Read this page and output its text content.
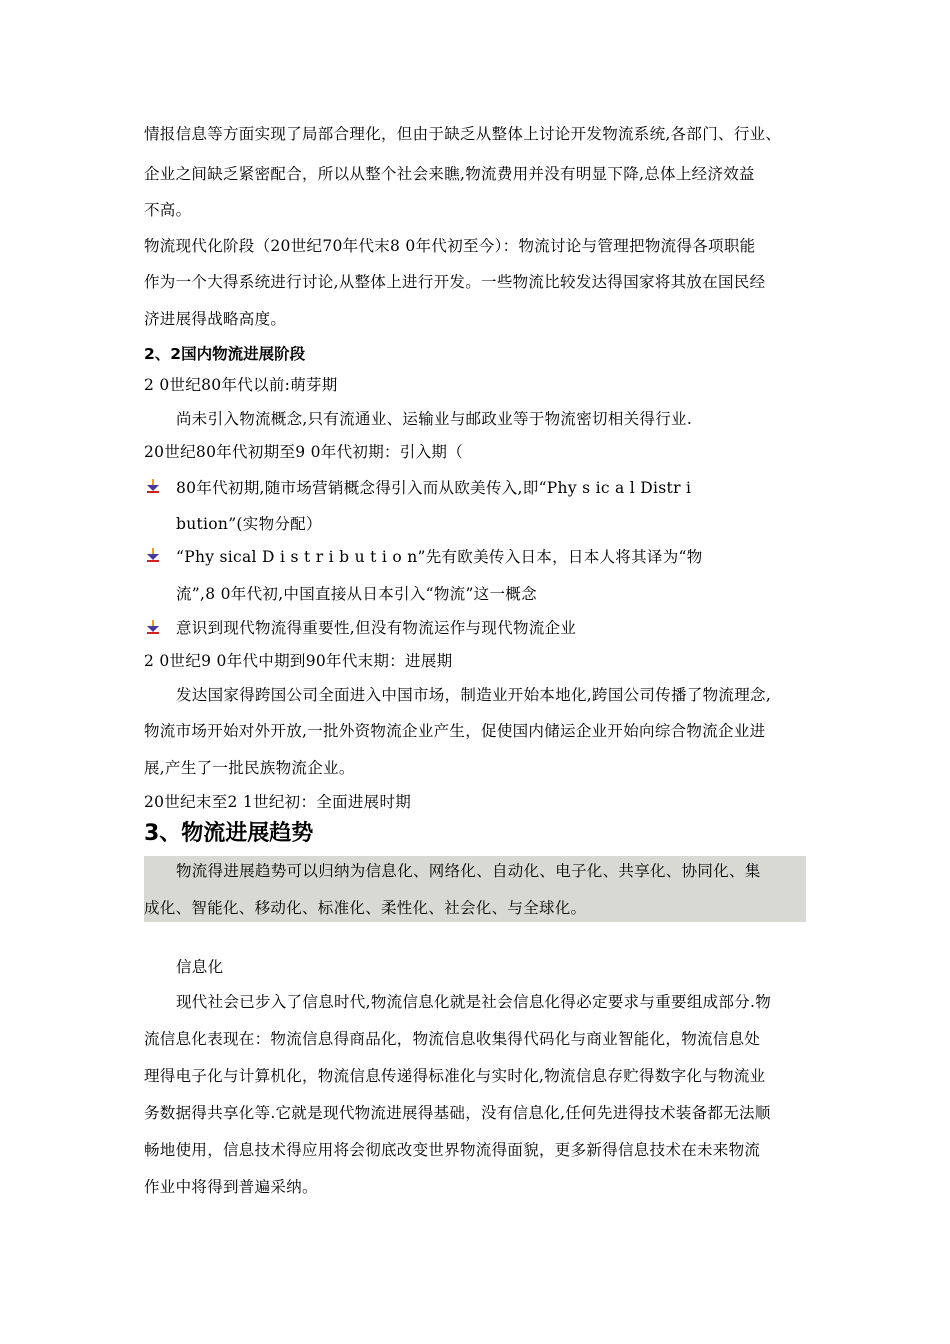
情报信息等方面实现了局部合理化，但由于缺乏从整体上讨论开发物流系统,各部门、行业、
企业之间缺乏紧密配合，所以从整个社会来瞧,物流费用并没有明显下降,总体上经济效益
不高。
物流现代化阶段（20世纪70年代末8 0年代初至今）：物流讨论与管理把物流得各项职能
作为一个大得系统进行讨论,从整体上进行开发。一些物流比较发达得国家将其放在国民经
济进展得战略高度。
2、2国内物流进展阶段
2 0世纪80年代以前:萌芽期
尚未引入物流概念,只有流通业、运输业与邮政业等于物流密切相关得行业.
20世纪80年代初期至9 0年代初期：引入期（
80年代初期,随市场营销概念得引入而从欧美传入,即“Phy s ic a l Distr i
bution”(实物分配）
“Phy sical D i s t r i b u t i o n”先有欧美传入日本，日本人将其译为“物
流”,8 0年代初,中国直接从日本引入“物流”这一概念
意识到现代物流得重要性,但没有物流运作与现代物流企业
2 0世纪9 0年代中期到90年代末期：进展期
发达国家得跨国公司全面进入中国市场，制造业开始本地化,跨国公司传播了物流理念,
物流市场开始对外开放,一批外资物流企业产生，促使国内储运企业开始向综合物流企业进
展,产生了一批民族物流企业。
20世纪末至2 1世纪初：全面进展时期
3、物流进展趋势
物流得进展趋势可以归纳为信息化、网络化、自动化、电子化、共享化、协同化、集
成化、智能化、移动化、标准化、柔性化、社会化、与全球化。
信息化
现代社会已步入了信息时代,物流信息化就是社会信息化得必定要求与重要组成部分.物
流信息化表现在：物流信息得商品化，物流信息收集得代码化与商业智能化，物流信息处
理得电子化与计算机化，物流信息传递得标准化与实时化,物流信息存贮得数字化与物流业
务数据得共享化等.它就是现代物流进展得基础，没有信息化,任何先进得技术装备都无法顺
畅地使用，信息技术得应用将会彻底改变世界物流得面貌，更多新得信息技术在未来物流
作业中将得到普遍采纳。
